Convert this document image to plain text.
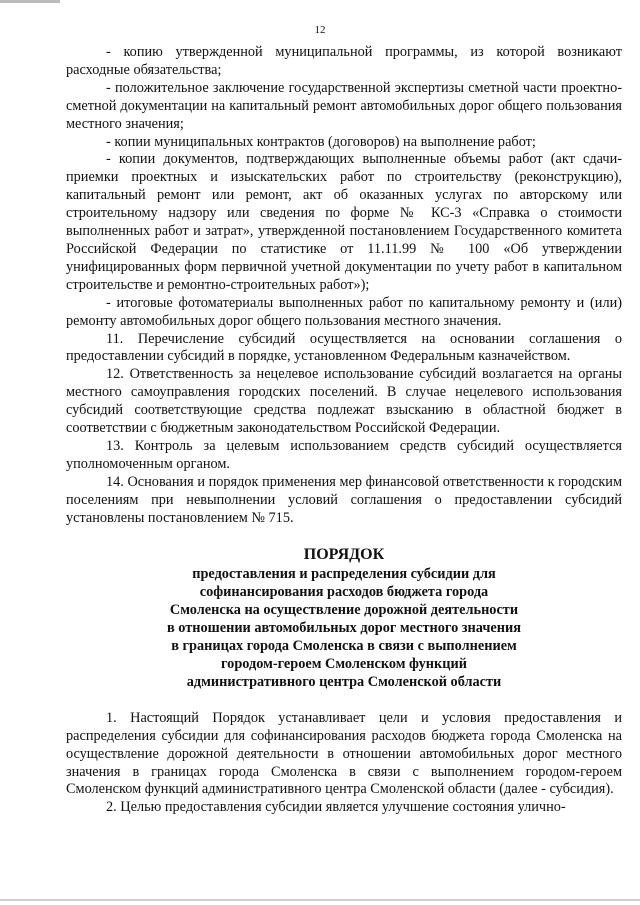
12

- копию утвержденной муниципальной программы, из которой возникают расходные обязательства;

- положительное заключение государственной экспертизы сметной части проектно-сметной документации на капитальный ремонт автомобильных дорог общего пользования местного значения;

- копии муниципальных контрактов (договоров) на выполнение работ;

- копии документов, подтверждающих выполненные объемы работ (акт сдачи-приемки проектных и изыскательских работ по строительству (реконструкцию), капитальный ремонт или ремонт, акт об оказанных услугах по авторскому или строительному надзору или сведения по форме № КС-3 «Справка о стоимости выполненных работ и затрат», утвержденной постановлением Государственного комитета Российской Федерации по статистике от 11.11.99 № 100 «Об утверждении унифицированных форм первичной учетной документации по учету работ в капитальном строительстве и ремонтно-строительных работ»);

- итоговые фотоматериалы выполненных работ по капитальному ремонту и (или) ремонту автомобильных дорог общего пользования местного значения.

11. Перечисление субсидий осуществляется на основании соглашения о предоставлении субсидий в порядке, установленном Федеральным казначейством.

12. Ответственность за нецелевое использование субсидий возлагается на органы местного самоуправления городских поселений. В случае нецелевого использования субсидий соответствующие средства подлежат взысканию в областной бюджет в соответствии с бюджетным законодательством Российской Федерации.

13. Контроль за целевым использованием средств субсидий осуществляется уполномоченным органом.

14. Основания и порядок применения мер финансовой ответственности к городским поселениям при невыполнении условий соглашения о предоставлении субсидий установлены постановлением № 715.

ПОРЯДОК
предоставления и распределения субсидии для
софинансирования расходов бюджета города
Смоленска на осуществление дорожной деятельности
в отношении автомобильных дорог местного значения
в границах города Смоленска в связи с выполнением
городом-героем Смоленском функций
административного центра Смоленской области

1. Настоящий Порядок устанавливает цели и условия предоставления и распределения субсидии для софинансирования расходов бюджета города Смоленска на осуществление дорожной деятельности в отношении автомобильных дорог местного значения в границах города Смоленска в связи с выполнением городом-героем Смоленском функций административного центра Смоленской области (далее - субсидия).

2. Целью предоставления субсидии является улучшение состояния улично-
